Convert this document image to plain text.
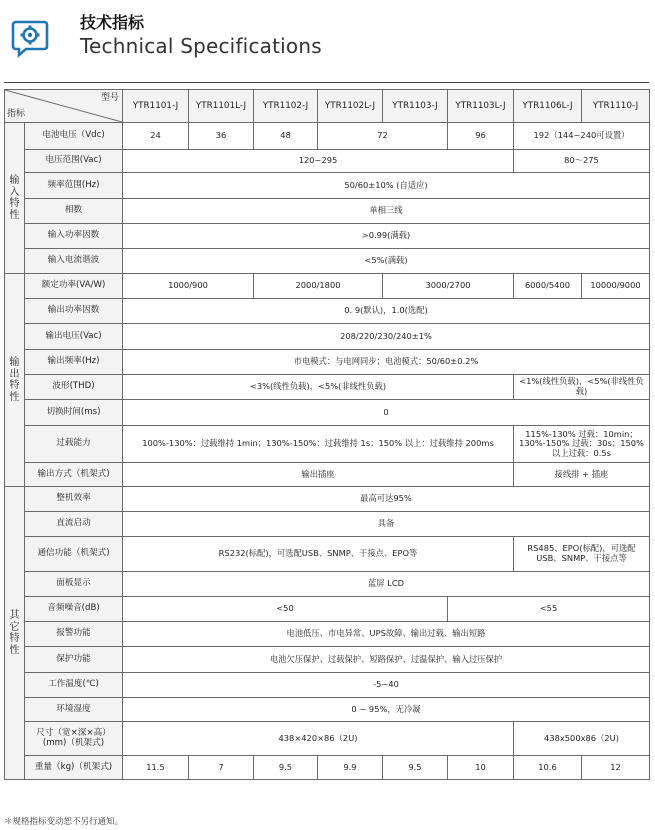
技术指标
Technical Specifications
型号
指标		YTR1101-J	YTR1101L-J	YTR1102-J	YTR1102L-J	YTR1103-J	YTR1103L-J	YTR1106L-J	YTR1110-J
输入特性	电池电压（Vdc)	24	36	48	72		96	192（144~240可设置）	
	电压范围(Vac)	120~295						80〜275	
	频率范围(Hz)	50/60±10% (自适应)							
	相数	单相三线							
	输入功率因数	>0.99(满载)							
	输入电流谐波	<5%(满载)							
输出特性	额定功率(VA/W)	1000/900		2000/1800		3000/2700		6000/5400	10000/9000
	输出功率因数	0. 9(默认)，1.0(选配)							
	输出电压(Vac)	208/220/230/240±1%							
	输出频率(Hz)	市电模式：与电网同步；电池模式：50/60±0.2%							
	波形(THD)	<3%(线性负载)，<5%(非线性负载)						<1%(线性负载)，<5%(非线性负载)	
	切换时间(ms)	0							
	过载能力	100%-130%：过载维持 1min；130%-150%：过载维持 1s；150% 以上：过载维持 200ms						115%-130% 过载：10min；130%-150% 过载：30s；150% 以上过载：0.5s	
	输出方式（机架式)	输出插座						接线排 + 插座	
其它特性	整机效率	最高可达95%							
	直流启动	具备							
	通信功能（机架式)	RS232(标配)，可选配USB、SNMP、干接点、EPO等						RS485、EPO(标配)，可选配USB、SNMP、干接点等	
	面板显示	蓝屏 LCD							
	音频噪音(dB)	<50					<55		
	报警功能	电池低压、市电异常、UPS故障、输出过载、输出短路							
	保护功能	电池欠压保护、过载保护、短路保护、过温保护、输入过压保护							
	工作温度(℃)	-5~40							
	环境湿度	0 ~ 95%，无冷凝							
	尺寸（宽×深×高）(mm)（机架式)	438×420×86（2U)						438x500x86（2U)	
	重量（kg)（机架式)	11.5	7	9.5	9.9	9.5	10	10.6	12
＊规格指标变动恕不另行通知。
